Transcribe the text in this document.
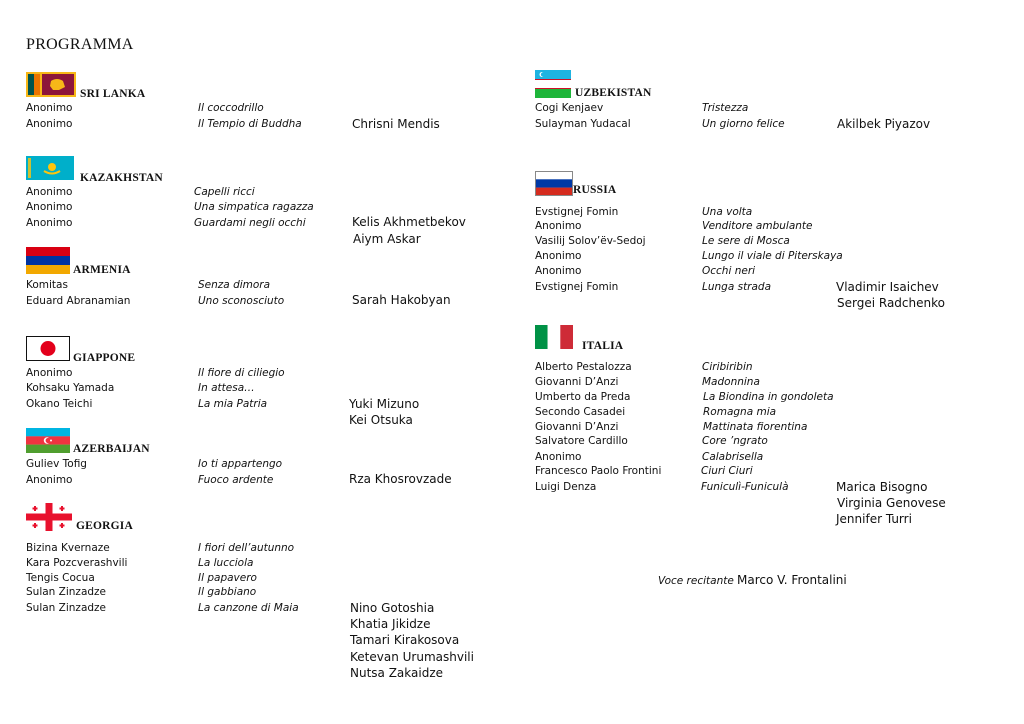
PROGRAMMA
SRI LANKA
Anonimo	Il coccodrillo
Anonimo	Il Tempio di Buddha	Chrisni Mendis
KAZAKHSTAN
Anonimo	Capelli ricci
Anonimo	Una simpatica ragazza
Anonimo	Guardami negli occhi	Kelis Akhmetbekov
Aiym Askar
ARMENIA
Komitas	Senza dimora
Eduard Abranamian	Uno sconosciuto	Sarah Hakobyan
GIAPPONE
Anonimo	Il fiore di ciliegio
Kohsaku Yamada	In attesa…
Okano Teichi	La mia Patria	Yuki Mizuno
Kei Otsuka
AZERBAIJAN
Guliev Tofig	Io ti appartengo
Anonimo	Fuoco ardente	Rza Khosrovzade
GEORGIA
Bizina Kvernaze	I fiori dell’autunno
Kara Pozcverashvili	La lucciola
Tengis Cocua	Il papavero
Sulan Zinzadze	Il gabbiano
Sulan Zinzadze	La canzone di Maia	Nino Gotoshia
Khatia Jikidze
Tamari Kirakosova
Ketevan Urumashvili
Nutsa Zakaidze
UZBEKISTAN
Cogi Kenjaev	Tristezza
Sulayman Yudacal	Un giorno felice	Akilbek Piyazov
RUSSIA
Evstignej Fomin	Una volta
Anonimo	Venditore ambulante
Vasilij Solov’ëv-Sedoj	Le sere di Mosca
Anonimo	Lungo il viale di Piterskaya
Anonimo	Occhi neri
Evstignej Fomin	Lunga strada	Vladimir Isaichev
Sergei Radchenko
ITALIA
Alberto Pestalozza	Ciribiribin
Giovanni D’Anzi	Madonnina
Umberto da Preda	La Biondina in gondoleta
Secondo Casadei	Romagna mia
Giovanni D’Anzi	Mattinata fiorentina
Salvatore Cardillo	Core ’ngrato
Anonimo	Calabrisella
Francesco Paolo Frontini	Ciuri Ciuri
Luigi Denza	Funiculì-Funiculà	Marica Bisogno
Virginia Genovese
Jennifer Turri
Voce recitante Marco V. Frontalini
